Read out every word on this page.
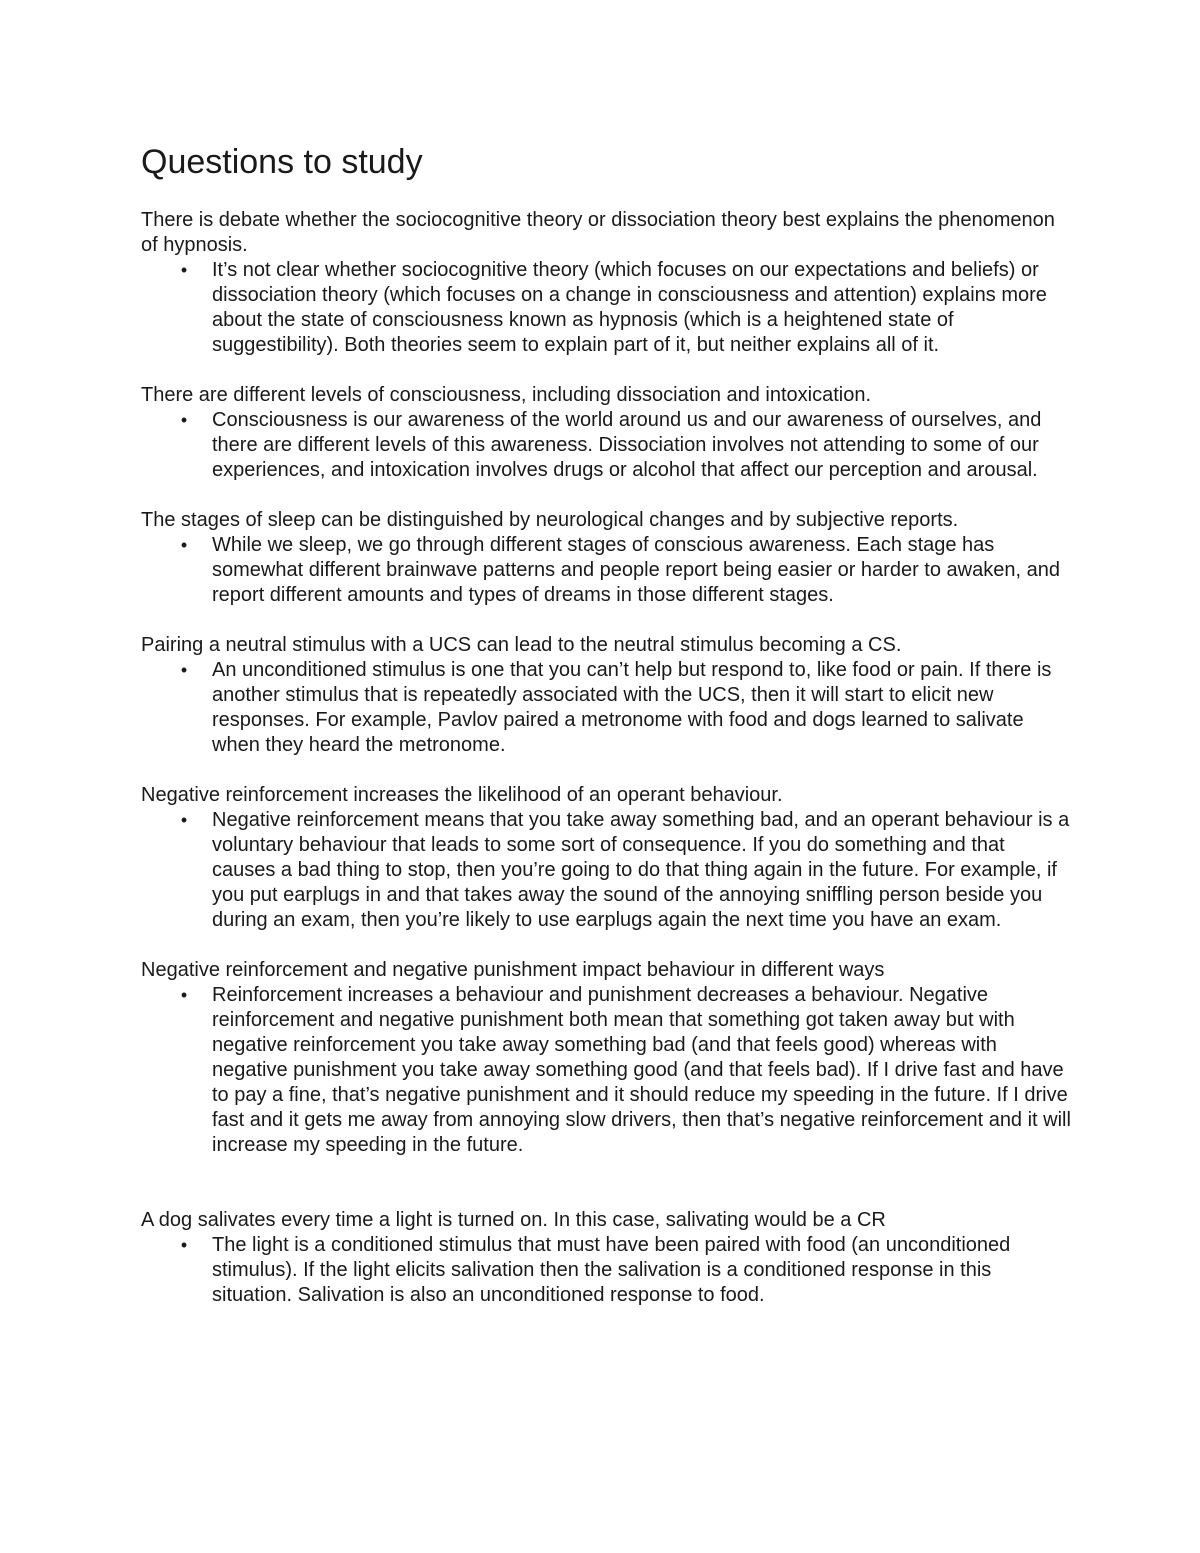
Questions to study

There is debate whether the sociocognitive theory or dissociation theory best explains the phenomenon of hypnosis.

•	It’s not clear whether sociocognitive theory (which focuses on our expectations and beliefs) or dissociation theory (which focuses on a change in consciousness and attention) explains more about the state of consciousness known as hypnosis (which is a heightened state of suggestibility). Both theories seem to explain part of it, but neither explains all of it.

There are different levels of consciousness, including dissociation and intoxication.

•	Consciousness is our awareness of the world around us and our awareness of ourselves, and there are different levels of this awareness. Dissociation involves not attending to some of our experiences, and intoxication involves drugs or alcohol that affect our perception and arousal.

The stages of sleep can be distinguished by neurological changes and by subjective reports.

•	While we sleep, we go through different stages of conscious awareness. Each stage has somewhat different brainwave patterns and people report being easier or harder to awaken, and report different amounts and types of dreams in those different stages.

Pairing a neutral stimulus with a UCS can lead to the neutral stimulus becoming a CS.

•	An unconditioned stimulus is one that you can’t help but respond to, like food or pain. If there is another stimulus that is repeatedly associated with the UCS, then it will start to elicit new responses. For example, Pavlov paired a metronome with food and dogs learned to salivate when they heard the metronome.

Negative reinforcement increases the likelihood of an operant behaviour.

•	Negative reinforcement means that you take away something bad, and an operant behaviour is a voluntary behaviour that leads to some sort of consequence. If you do something and that causes a bad thing to stop, then you’re going to do that thing again in the future. For example, if you put earplugs in and that takes away the sound of the annoying sniffling person beside you during an exam, then you’re likely to use earplugs again the next time you have an exam.

Negative reinforcement and negative punishment impact behaviour in different ways

•	Reinforcement increases a behaviour and punishment decreases a behaviour. Negative reinforcement and negative punishment both mean that something got taken away but with negative reinforcement you take away something bad (and that feels good) whereas with negative punishment you take away something good (and that feels bad). If I drive fast and have to pay a fine, that’s negative punishment and it should reduce my speeding in the future. If I drive fast and it gets me away from annoying slow drivers, then that’s negative reinforcement and it will increase my speeding in the future.

A dog salivates every time a light is turned on. In this case, salivating would be a CR

•	The light is a conditioned stimulus that must have been paired with food (an unconditioned stimulus). If the light elicits salivation then the salivation is a conditioned response in this situation. Salivation is also an unconditioned response to food.
